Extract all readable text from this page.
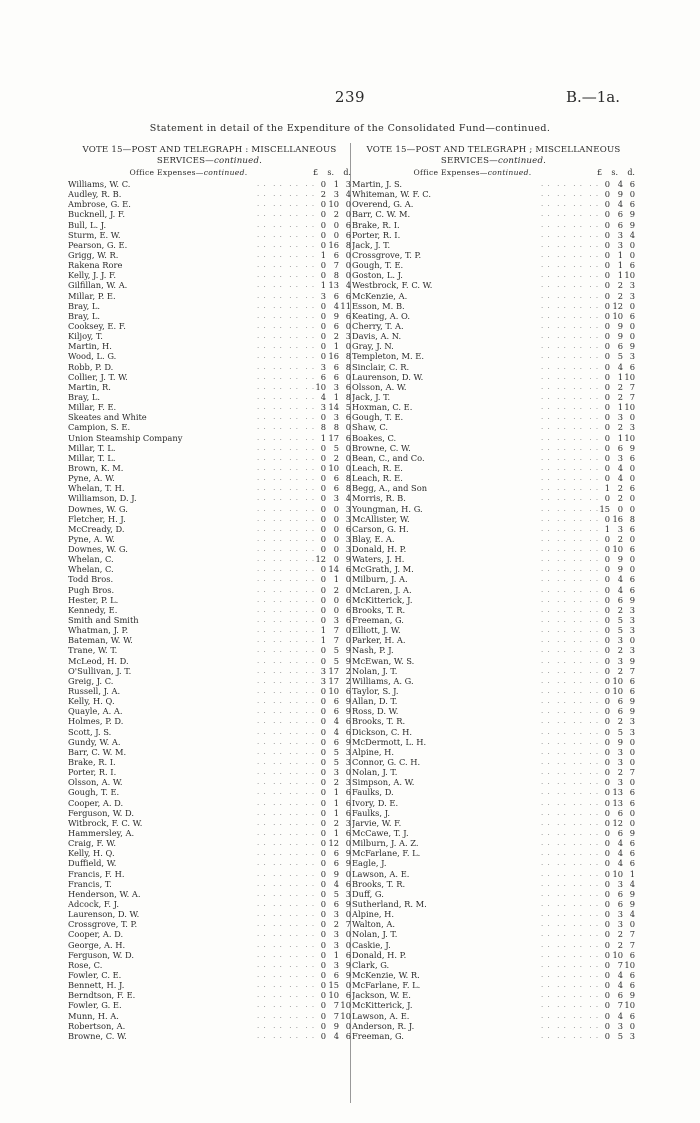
239	B.—1a.
Statement in detail of the Expenditure of the Consolidated Fund—continued.
VOTE 15—POST AND TELEGRAPH : MISCELLANEOUS
SERVICES—continued.
Office Expenses—continued.	£ s. d.
Williams, W. C.	. .  . .  . .  . . 0 1 3
Audley, R. B.	. .  . .  . .  . . 2 3 4
Ambrose, G. E.	. .  . .  . .  . . 0 10 0
Bucknell, J. F.	. .  . .  . .  . . 0 2 0
Bull, L. J.	. .  . .  . .  . . 0 0 6
Sturm, E. W.	. .  . .  . .  . . 0 0 6
Pearson, G. E.	. .  . .  . .  . . 0 16 8
Grigg, W. R.	. .  . .  . .  . . 1 6 0
Rakena Rore	. .  . .  . .  . . 0 7 0
Kelly, J. J. F.	. .  . .  . .  . . 0 8 0
Gilfillan, W. A.	. .  . .  . .  . . 1 13 4
Millar, P. E.	. .  . .  . .  . . 3 6 6
Bray, L.	. .  . .  . .  . . 0 4 11
Bray, L.	. .  . .  . .  . . 0 9 6
Cooksey, E. F.	. .  . .  . .  . . 0 6 0
Kiljoy, T.	. .  . .  . .  . . 0 2 3
Martin, H.	. .  . .  . .  . . 0 1 0
Wood, L. G.	. .  . .  . .  . . 0 16 8
Robb, P. D.	. .  . .  . .  . . 3 6 8
Collier, J. T. W.	. .  . .  . .  . . 6 6 0
Martin, R.	. .  . .  . .  . . 10 3 6
Bray, L.	. .  . .  . .  . . 4 1 8
Millar, F. E.	. .  . .  . .  . . 3 14 5
Skeates and White	. .  . .  . .  . . 0 3 6
Campion, S. E.	. .  . .  . .  . . 8 8 0
Union Steamship Company	. .  . .  . .  . . 1 17 6
Millar, T. L.	. .  . .  . .  . . 0 5 0
Millar, T. L.	. .  . .  . .  . . 0 2 0
Brown, K. M.	. .  . .  . .  . . 0 10 0
Pyne, A. W.	. .  . .  . .  . . 0 6 8
Whelan, T. H.	. .  . .  . .  . . 0 6 8
Williamson, D. J.	. .  . .  . .  . . 0 3 4
Downes, W. G.	. .  . .  . .  . . 0 0 3
Fletcher, H. J.	. .  . .  . .  . . 0 0 3
McCready, D.	. .  . .  . .  . . 0 0 6
Pyne, A. W.	. .  . .  . .  . . 0 0 3
Downes, W. G.	. .  . .  . .  . . 0 0 3
Whelan, C.	. .  . .  . .  . . 12 0 9
Whelan, C.	. .  . .  . .  . . 0 14 6
Todd Bros.	. .  . .  . .  . . 0 1 0
Pugh Bros.	. .  . .  . .  . . 0 2 0
Hester, P. L.	. .  . .  . .  . . 0 0 6
Kennedy, E.	. .  . .  . .  . . 0 0 6
Smith and Smith	. .  . .  . .  . . 0 3 6
Whatman, J. P.	. .  . .  . .  . . 1 7 0
Bateman, W. W.	. .  . .  . .  . . 1 7 0
Trane, W. T.	. .  . .  . .  . . 0 5 9
McLeod, H. D.	. .  . .  . .  . . 0 5 9
O'Sullivan, J. T.	. .  . .  . .  . . 3 17 2
Greig, J. C.	. .  . .  . .  . . 3 17 2
Russell, J. A.	. .  . .  . .  . . 0 10 6
Kelly, H. Q.	. .  . .  . .  . . 0 6 9
Quayle, A. A.	. .  . .  . .  . . 0 6 9
Holmes, P. D.	. .  . .  . .  . . 0 4 6
Scott, J. S.	. .  . .  . .  . . 0 4 6
Gundy, W. A.	. .  . .  . .  . . 0 6 9
Barr, C. W. M.	. .  . .  . .  . . 0 5 3
Brake, R. I.	. .  . .  . .  . . 0 5 3
Porter, R. I.	. .  . .  . .  . . 0 3 0
Olsson, A. W.	. .  . .  . .  . . 0 2 3
Gough, T. E.	. .  . .  . .  . . 0 1 6
Cooper, A. D.	. .  . .  . .  . . 0 1 6
Ferguson, W. D.	. .  . .  . .  . . 0 1 6
Witbrock, F. C. W.	. .  . .  . .  . . 0 2 3
Hammersley, A.	. .  . .  . .  . . 0 1 6
Craig, F. W.	. .  . .  . .  . . 0 12 0
Kelly, H. Q.	. .  . .  . .  . . 0 6 9
Duffield, W.	. .  . .  . .  . . 0 6 9
Francis, F. H.	. .  . .  . .  . . 0 9 0
Francis, T.	. .  . .  . .  . . 0 4 6
Henderson, W. A.	. .  . .  . .  . . 0 5 3
Adcock, F. J.	. .  . .  . .  . . 0 6 9
Laurenson, D. W.	. .  . .  . .  . . 0 3 0
Crossgrove, T. P.	. .  . .  . .  . . 0 2 7
Cooper, A. D.	. .  . .  . .  . . 0 3 0
George, A. H.	. .  . .  . .  . . 0 3 0
Ferguson, W. D.	. .  . .  . .  . . 0 1 6
Rose, C.	. .  . .  . .  . . 0 3 9
Fowler, C. E.	. .  . .  . .  . . 0 6 9
Bennett, H. J.	. .  . .  . .  . . 0 15 0
Berndtson, F. E.	. .  . .  . .  . . 0 10 6
Fowler, G. E.	. .  . .  . .  . . 0 7 10
Munn, H. A.	. .  . .  . .  . . 0 7 10
Robertson, A.	. .  . .  . .  . . 0 9 0
Browne, C. W.	. .  . .  . .  . . 0 4 6
VOTE 15—POST AND TELEGRAPH ; MISCELLANEOUS
SERVICES—continued.
Office Expenses—continued.	£ s. d.
Martin, J. S.	. .  . .  . .  . . 0 4 6
Whiteman, W. F. C.	. .  . .  . .  . . 0 9 0
Overend, G. A.	. .  . .  . .  . . 0 4 6
Barr, C. W. M.	. .  . .  . .  . . 0 6 9
Brake, R. I.	. .  . .  . .  . . 0 6 9
Porter, R. I.	. .  . .  . .  . . 0 3 4
Jack, J. T.	. .  . .  . .  . . 0 3 0
Crossgrove, T. P.	. .  . .  . .  . . 0 1 0
Gough, T. E.	. .  . .  . .  . . 0 1 6
Goston, L. J.	. .  . .  . .  . . 0 1 10
Westbrock, F. C. W.	. .  . .  . .  . . 0 2 3
McKenzie, A.	. .  . .  . .  . . 0 2 3
Esson, M. B.	. .  . .  . .  . . 0 12 0
Keating, A. O.	. .  . .  . .  . . 0 10 6
Cherry, T. A.	. .  . .  . .  . . 0 9 0
Davis, A. N.	. .  . .  . .  . . 0 9 0
Gray, J. N.	. .  . .  . .  . . 0 6 9
Templeton, M. E.	. .  . .  . .  . . 0 5 3
Sinclair, C. R.	. .  . .  . .  . . 0 4 6
Laurenson, D. W.	. .  . .  . .  . . 0 1 10
Olsson, A. W.	. .  . .  . .  . . 0 2 7
Jack, J. T.	. .  . .  . .  . . 0 2 7
Hoxman, C. E.	. .  . .  . .  . . 0 1 10
Gough, T. E.	. .  . .  . .  . . 0 3 0
Shaw, C.	. .  . .  . .  . . 0 2 3
Boakes, C.	. .  . .  . .  . . 0 1 10
Browne, C. W.	. .  . .  . .  . . 0 6 9
Bean, C., and Co.	. .  . .  . .  . . 0 3 6
Leach, R. E.	. .  . .  . .  . . 0 4 0
Leach, R. E.	. .  . .  . .  . . 0 4 0
Begg, A., and Son	. .  . .  . .  . . 1 2 6
Morris, R. B.	. .  . .  . .  . . 0 2 0
Youngman, H. G.	. .  . .  . .  . . 15 0 0
McAllister, W.	. .  . .  . .  . . 0 16 8
Carson, G. H.	. .  . .  . .  . . 1 3 6
Blay, E. A.	. .  . .  . .  . . 0 2 0
Donald, H. P.	. .  . .  . .  . . 0 10 6
Waters, J. H.	. .  . .  . .  . . 0 9 0
McGrath, J. M.	. .  . .  . .  . . 0 9 0
Milburn, J. A.	. .  . .  . .  . . 0 4 6
McLaren, J. A.	. .  . .  . .  . . 0 4 6
McKitterick, J.	. .  . .  . .  . . 0 6 9
Brooks, T. R.	. .  . .  . .  . . 0 2 3
Freeman, G.	. .  . .  . .  . . 0 5 3
Elliott, J. W.	. .  . .  . .  . . 0 5 3
Parker, H. A.	. .  . .  . .  . . 0 3 0
Nash, P. J.	. .  . .  . .  . . 0 2 3
McEwan, W. S.	. .  . .  . .  . . 0 3 9
Nolan, J. T.	. .  . .  . .  . . 0 2 7
Williams, A. G.	. .  . .  . .  . . 0 10 6
Taylor, S. J.	. .  . .  . .  . . 0 10 6
Allan, D. T.	. .  . .  . .  . . 0 6 9
Ross, D. W.	. .  . .  . .  . . 0 6 9
Brooks, T. R.	. .  . .  . .  . . 0 2 3
Dickson, C. H.	. .  . .  . .  . . 0 5 3
McDermott, L. H.	. .  . .  . .  . . 0 9 0
Alpine, H.	. .  . .  . .  . . 0 3 0
Connor, G. C. H.	. .  . .  . .  . . 0 3 0
Nolan, J. T.	. .  . .  . .  . . 0 2 7
Simpson, A. W.	. .  . .  . .  . . 0 3 0
Faulks, D.	. .  . .  . .  . . 0 13 6
Ivory, D. E.	. .  . .  . .  . . 0 13 6
Faulks, J.	. .  . .  . .  . . 0 6 0
Jarvie, W. F.	. .  . .  . .  . . 0 12 0
McCawe, T. J.	. .  . .  . .  . . 0 6 9
Milburn, J. A. Z.	. .  . .  . .  . . 0 4 6
McFarlane, F. L.	. .  . .  . .  . . 0 4 6
Eagle, J.	. .  . .  . .  . . 0 4 6
Lawson, A. E.	. .  . .  . .  . . 0 10 1
Brooks, T. R.	. .  . .  . .  . . 0 3 4
Duff, G.	. .  . .  . .  . . 0 6 9
Sutherland, R. M.	. .  . .  . .  . . 0 6 9
Alpine, H.	. .  . .  . .  . . 0 3 4
Walton, A.	. .  . .  . .  . . 0 3 0
Nolan, J. T.	. .  . .  . .  . . 0 2 7
Caskie, J.	. .  . .  . .  . . 0 2 7
Donald, H. P.	. .  . .  . .  . . 0 10 6
Clark, G.	. .  . .  . .  . . 0 7 10
McKenzie, W. R.	. .  . .  . .  . . 0 4 6
McFarlane, F. L.	. .  . .  . .  . . 0 4 6
Jackson, W. E.	. .  . .  . .  . . 0 6 9
McKitterick, J.	. .  . .  . .  . . 0 7 10
Lawson, A. E.	. .  . .  . .  . . 0 4 6
Anderson, R. J.	. .  . .  . .  . . 0 3 0
Freeman, G.	. .  . .  . .  . . 0 5 3
